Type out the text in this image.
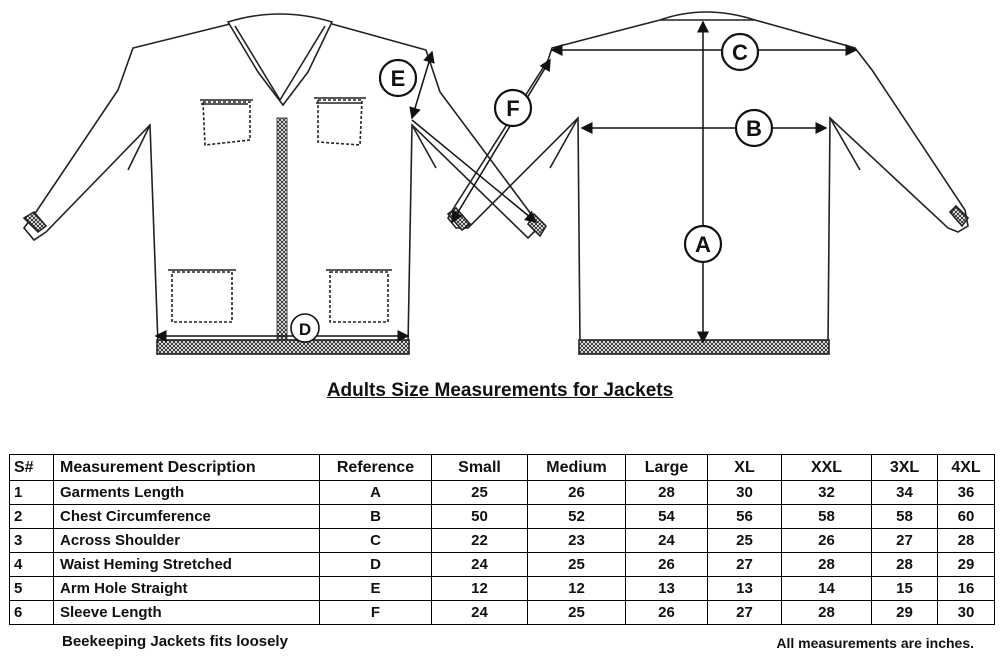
C
B
A
E
F
D
Adults Size Measurements for Jackets
S#	Measurement Description	Reference	Small	Medium	Large	XL	XXL	3XL	4XL
1	Garments Length	A	25	26	28	30	32	34	36
2	Chest Circumference	B	50	52	54	56	58	58	60
3	Across Shoulder	C	22	23	24	25	26	27	28
4	Waist Heming Stretched	D	24	25	26	27	28	28	29
5	Arm Hole Straight	E	12	12	13	13	14	15	16
6	Sleeve Length	F	24	25	26	27	28	29	30
Beekeeping Jackets fits loosely	All measurements are inches.
